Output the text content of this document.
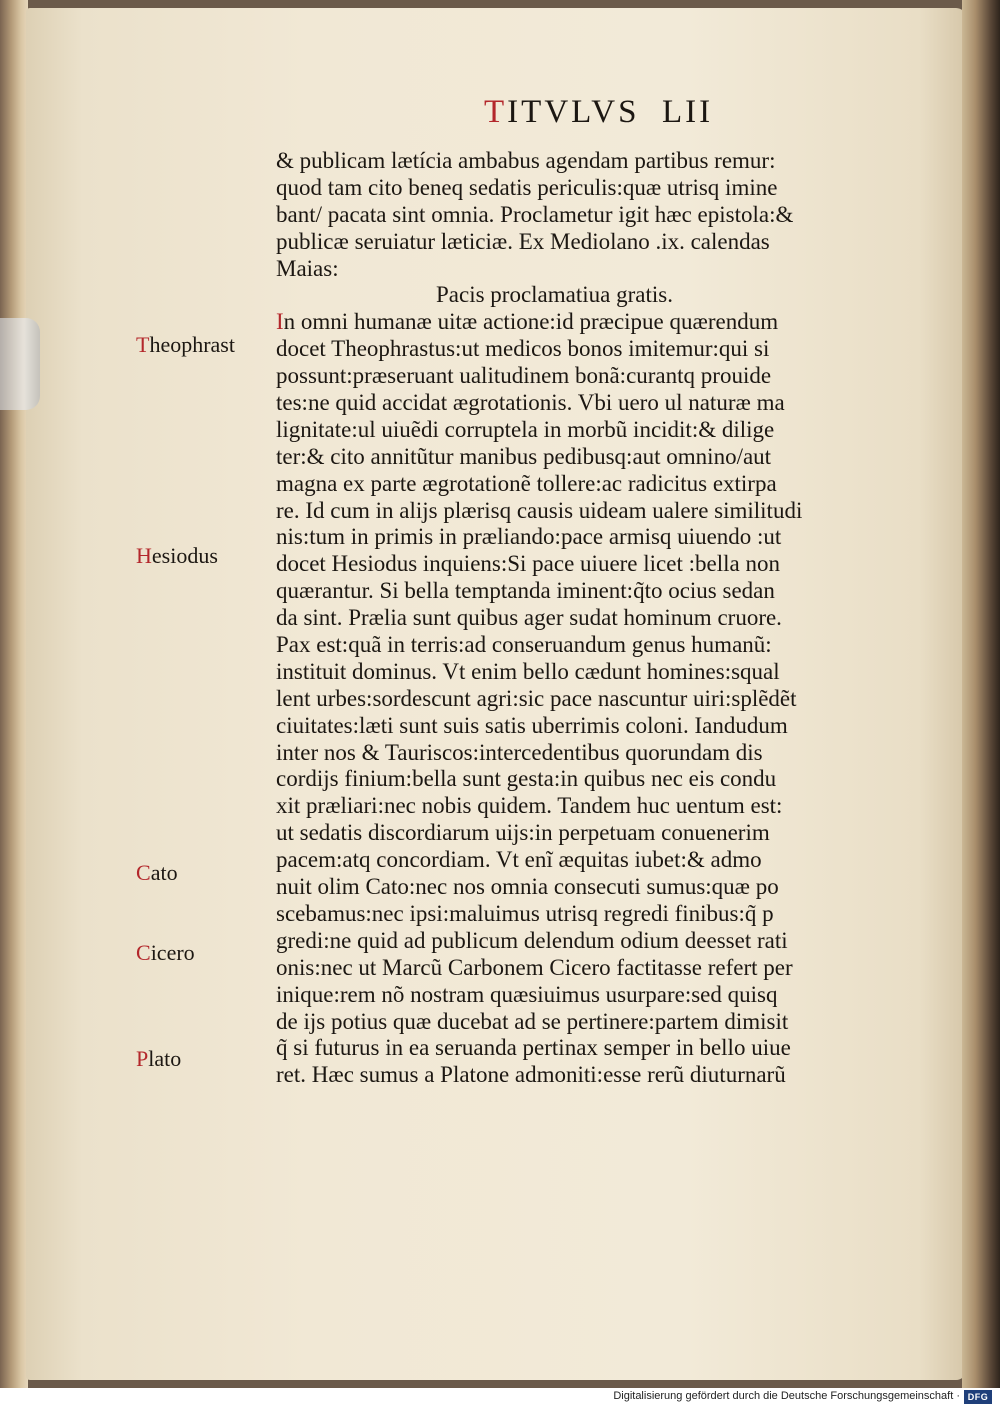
TITVLVS LII
& publicam lætícia ambabus agendam partibus remur:
quod tam cito beneq sedatis periculis:quæ utrisq imine
bant/ pacata sint omnia. Proclametur igit hæc epistola:&
publicæ seruiatur læticiæ. Ex Mediolano .ix. calendas
Maias:
Pacis proclamatiua gratis.
In omni humanæ uitæ actione:id præcipue quærendum
docet Theophrastus:ut medicos bonos imitemur:qui si
possunt:præseruant ualitudinem bonã:curantq prouide
tes:ne quid accidat ægrotationis. Vbi uero ul naturæ ma
lignitate:ul uiuẽdi corruptela in morbũ incidit:& dilige
ter:& cito annitũtur manibus pedibusq:aut omnino/aut
magna ex parte ægrotationẽ tollere:ac radicitus extirpa
re. Id cum in alijs plærisq causis uideam ualere similitudi
nis:tum in primis in præliando:pace armisq uiuendo :ut
docet Hesiodus inquiens:Si pace uiuere licet :bella non
quærantur. Si bella temptanda iminent:q̃to ocius sedan
da sint. Prælia sunt quibus ager sudat hominum cruore.
Pax est:quã in terris:ad conseruandum genus humanũ:
instituit dominus. Vt enim bello cædunt homines:squal
lent urbes:sordescunt agri:sic pace nascuntur uiri:splẽdẽt
ciuitates:læti sunt suis satis uberrimis coloni. Iandudum
inter nos & Tauriscos:intercedentibus quorundam dis
cordijs finium:bella sunt gesta:in quibus nec eis condu
xit præliari:nec nobis quidem. Tandem huc uentum est:
ut sedatis discordiarum uijs:in perpetuam conuenerim
pacem:atq concordiam. Vt enĩ æquitas iubet:& admo
nuit olim Cato:nec nos omnia consecuti sumus:quæ po
scebamus:nec ipsi:maluimus utrisq regredi finibus:q̃ p
gredi:ne quid ad publicum delendum odium deesset rati
onis:nec ut Marcũ Carbonem Cicero factitasse refert per
inique:rem nõ nostram quæsiuimus usurpare:sed quisq
de ijs potius quæ ducebat ad se pertinere:partem dimisit
q̃ si futurus in ea seruanda pertinax semper in bello uiue
ret. Hæc sumus a Platone admoniti:esse rerũ diuturnarũ
Theophrast
Hesiodus
Cato
Cicero
Plato
Digitalisierung gefördert durch die Deutsche Forschungsgemeinschaft · DFG
